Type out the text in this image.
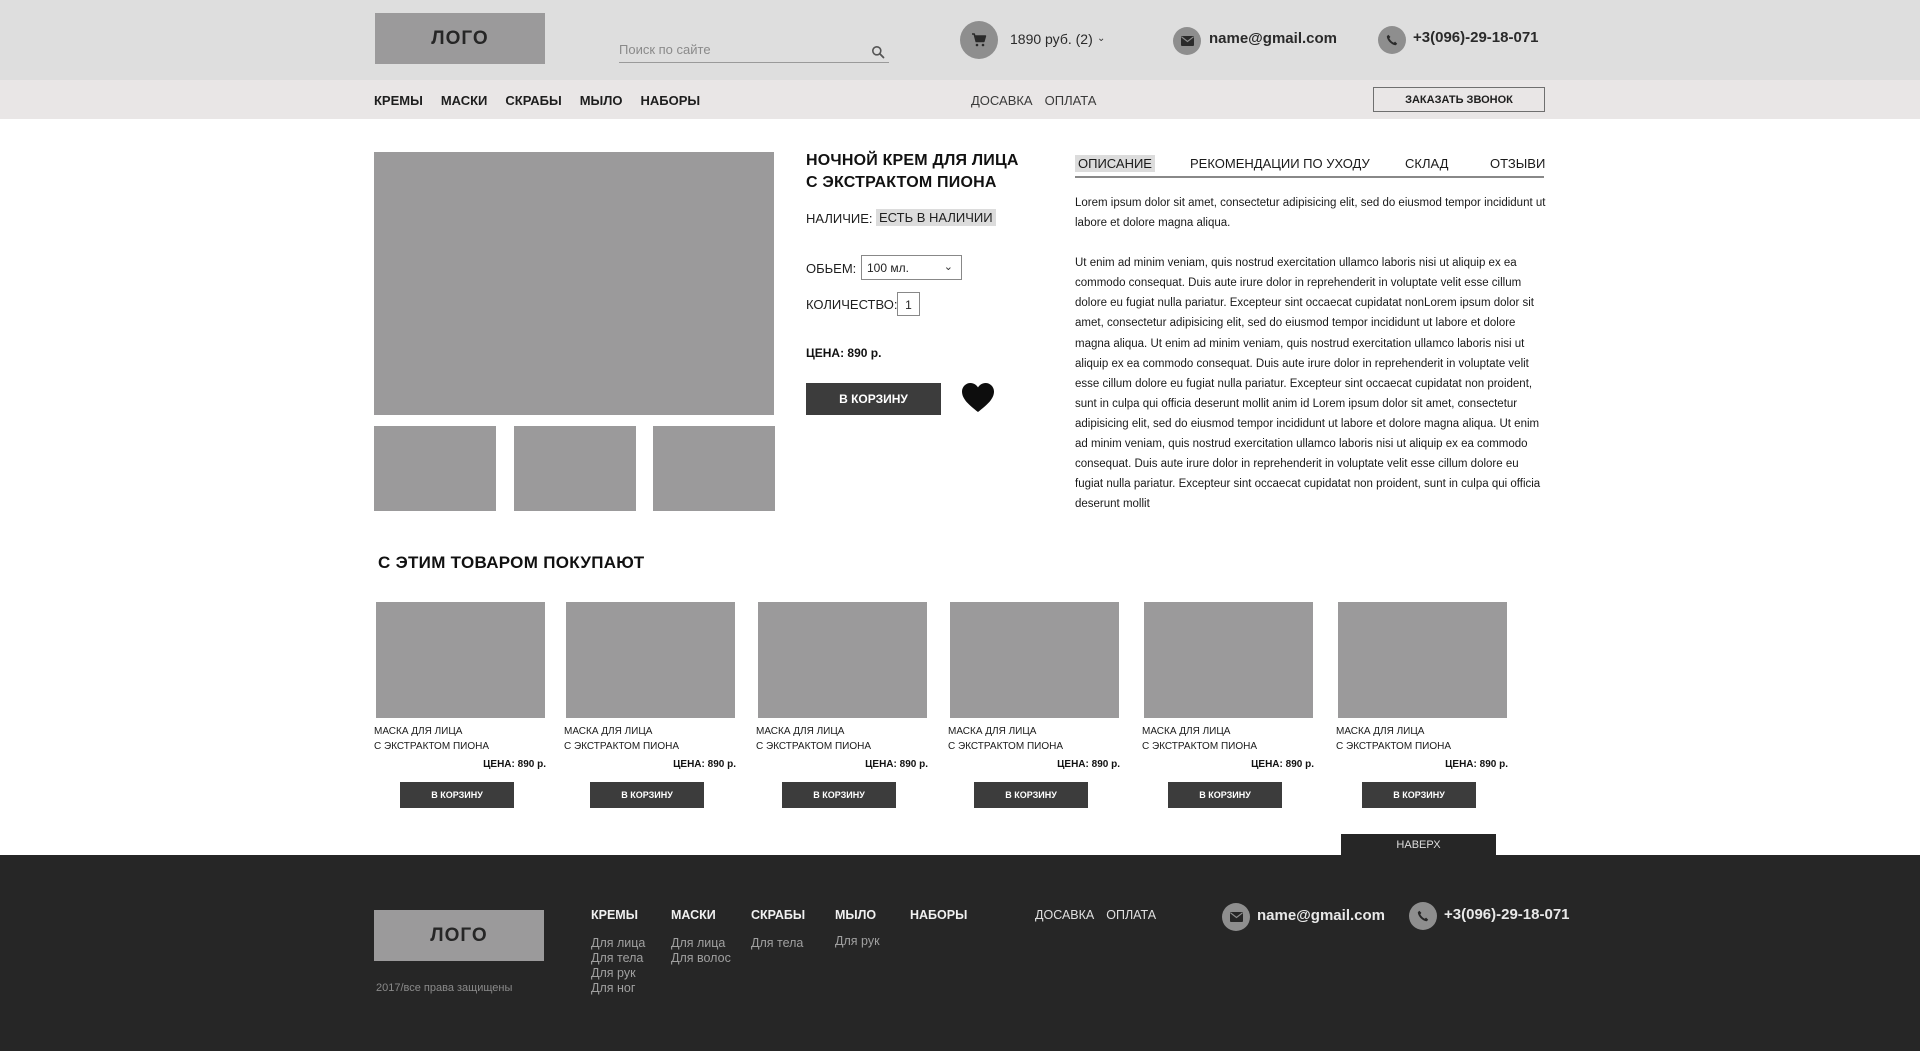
ЛОГО
Поиск по сайте	1890 руб. (2) ⌄	name@gmail.com	+3(096)-29-18-071
КРЕМЫ МАСКИ СКРАБЫ МЫЛО НАБОРЫ	ДОСАВКА ОПЛАТА	ЗАКАЗАТЬ ЗВОНОК
НОЧНОЙ КРЕМ ДЛЯ ЛИЦА
С ЭКСТРАКТОМ ПИОНА
НАЛИЧИЕ: ЕСТЬ В НАЛИЧИИ
ОБЬЕМ: 100 мл.	⌄
КОЛИЧЕСТВО: 1
ЦЕНА: 890 р.
В КОРЗИНУ
ОПИСАНИЕ	РЕКОМЕНДАЦИИ ПО УХОДУ	СКЛАД	ОТЗЫВИ

Lorem ipsum dolor sit amet, consectetur adipisicing elit, sed do eiusmod tempor incididunt ut labore et dolore magna aliqua.

Ut enim ad minim veniam, quis nostrud exercitation ullamco laboris nisi ut aliquip ex ea commodo consequat. Duis aute irure dolor in reprehenderit in voluptate velit esse cillum dolore eu fugiat nulla pariatur. Excepteur sint occaecat cupidatat nonLorem ipsum dolor sit amet, consectetur adipisicing elit, sed do eiusmod tempor incididunt ut labore et dolore magna aliqua. Ut enim ad minim veniam, quis nostrud exercitation ullamco laboris nisi ut aliquip ex ea commodo consequat. Duis aute irure dolor in reprehenderit in voluptate velit esse cillum dolore eu fugiat nulla pariatur. Excepteur sint occaecat cupidatat non proident, sunt in culpa qui officia deserunt mollit anim id Lorem ipsum dolor sit amet, consectetur adipisicing elit, sed do eiusmod tempor incididunt ut labore et dolore magna aliqua. Ut enim ad minim veniam, quis nostrud exercitation ullamco laboris nisi ut aliquip ex ea commodo consequat. Duis aute irure dolor in reprehenderit in voluptate velit esse cillum dolore eu fugiat nulla pariatur. Excepteur sint occaecat cupidatat non proident, sunt in culpa qui officia deserunt mollit

С ЭТИМ ТОВАРОМ ПОКУПАЮТ
МАСКА ДЛЯ ЛИЦА
С ЭКСТРАКТОМ ПИОНА
ЦЕНА: 890 р.
В КОРЗИНУ
МАСКА ДЛЯ ЛИЦА
С ЭКСТРАКТОМ ПИОНА
ЦЕНА: 890 р.
В КОРЗИНУ
МАСКА ДЛЯ ЛИЦА
С ЭКСТРАКТОМ ПИОНА
ЦЕНА: 890 р.
В КОРЗИНУ
МАСКА ДЛЯ ЛИЦА
С ЭКСТРАКТОМ ПИОНА
ЦЕНА: 890 р.
В КОРЗИНУ
МАСКА ДЛЯ ЛИЦА
С ЭКСТРАКТОМ ПИОНА
ЦЕНА: 890 р.
В КОРЗИНУ
МАСКА ДЛЯ ЛИЦА
С ЭКСТРАКТОМ ПИОНА
ЦЕНА: 890 р.
В КОРЗИНУ
ЛОГО
2017/все права защищены
КРЕМЫ
Для лица
Для тела
Для рук
Для ног
МАСКИ
Для лица
Для волос
СКРАБЫ
Для тела
МЫЛО
Для рук
НАБОРЫ	ДОСАВКА ОПЛАТА	name@gmail.com	+3(096)-29-18-071
НАВЕРХ
